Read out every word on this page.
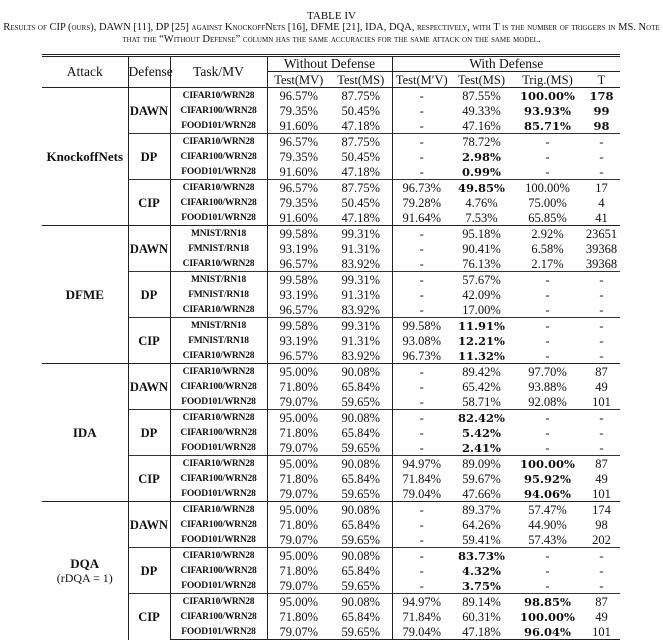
TABLE IV
Results of CIP (ours), DAWN [11], DP [25] against KnockoffNets [16], DFME [21], IDA, DQA, respectively, with T is the number of triggers in MS. Note that the “Without Defense” column has the same accuracies for the same attack on the same model.
Attack	Defense	Task/MV	Without Defense		With Defense			
			Test(MV)	Test(MS)	Test(M′V)	Test(MS)	Trig.(MS)	T
KnockoffNets	DAWN	CIFAR10/WRN28	96.57%	87.75%	-	87.55%	100.00%	178
		CIFAR100/WRN28	79.35%	50.45%	-	49.33%	93.93%	99
		FOOD101/WRN28	91.60%	47.18%	-	47.16%	85.71%	98
	DP	CIFAR10/WRN28	96.57%	87.75%	-	78.72%	-	-
		CIFAR100/WRN28	79.35%	50.45%	-	2.98%	-	-
		FOOD101/WRN28	91.60%	47.18%	-	0.99%	-	-
	CIP	CIFAR10/WRN28	96.57%	87.75%	96.73%	49.85%	100.00%	17
		CIFAR100/WRN28	79.35%	50.45%	79.28%	4.76%	75.00%	4
		FOOD101/WRN28	91.60%	47.18%	91.64%	7.53%	65.85%	41
DFME	DAWN	MNIST/RN18	99.58%	99.31%	-	95.18%	2.92%	23651
		FMNIST/RN18	93.19%	91.31%	-	90.41%	6.58%	39368
		CIFAR10/WRN28	96.57%	83.92%	-	76.13%	2.17%	39368
	DP	MNIST/RN18	99.58%	99.31%	-	57.67%	-	-
		FMNIST/RN18	93.19%	91.31%	-	42.09%	-	-
		CIFAR10/WRN28	96.57%	83.92%	-	17.00%	-	-
	CIP	MNIST/RN18	99.58%	99.31%	99.58%	11.91%	-	-
		FMNIST/RN18	93.19%	91.31%	93.08%	12.21%	-	-
		CIFAR10/WRN28	96.57%	83.92%	96.73%	11.32%	-	-
IDA	DAWN	CIFAR10/WRN28	95.00%	90.08%	-	89.42%	97.70%	87
		CIFAR100/WRN28	71.80%	65.84%	-	65.42%	93.88%	49
		FOOD101/WRN28	79.07%	59.65%	-	58.71%	92.08%	101
	DP	CIFAR10/WRN28	95.00%	90.08%	-	82.42%	-	-
		CIFAR100/WRN28	71.80%	65.84%	-	5.42%	-	-
		FOOD101/WRN28	79.07%	59.65%	-	2.41%	-	-
	CIP	CIFAR10/WRN28	95.00%	90.08%	94.97%	89.09%	100.00%	87
		CIFAR100/WRN28	71.80%	65.84%	71.84%	59.67%	95.92%	49
		FOOD101/WRN28	79.07%	59.65%	79.04%	47.66%	94.06%	101
DQA
(rDQA = 1)	DAWN	CIFAR10/WRN28	95.00%	90.08%	-	89.37%	57.47%	174
		CIFAR100/WRN28	71.80%	65.84%	-	64.26%	44.90%	98
		FOOD101/WRN28	79.07%	59.65%	-	59.41%	57.43%	202
	DP	CIFAR10/WRN28	95.00%	90.08%	-	83.73%	-	-
		CIFAR100/WRN28	71.80%	65.84%	-	4.32%	-	-
		FOOD101/WRN28	79.07%	59.65%	-	3.75%	-	-
	CIP	CIFAR10/WRN28	95.00%	90.08%	94.97%	89.14%	98.85%	87
		CIFAR100/WRN28	71.80%	65.84%	71.84%	60.31%	100.00%	49
		FOOD101/WRN28	79.07%	59.65%	79.04%	47.18%	96.04%	101
